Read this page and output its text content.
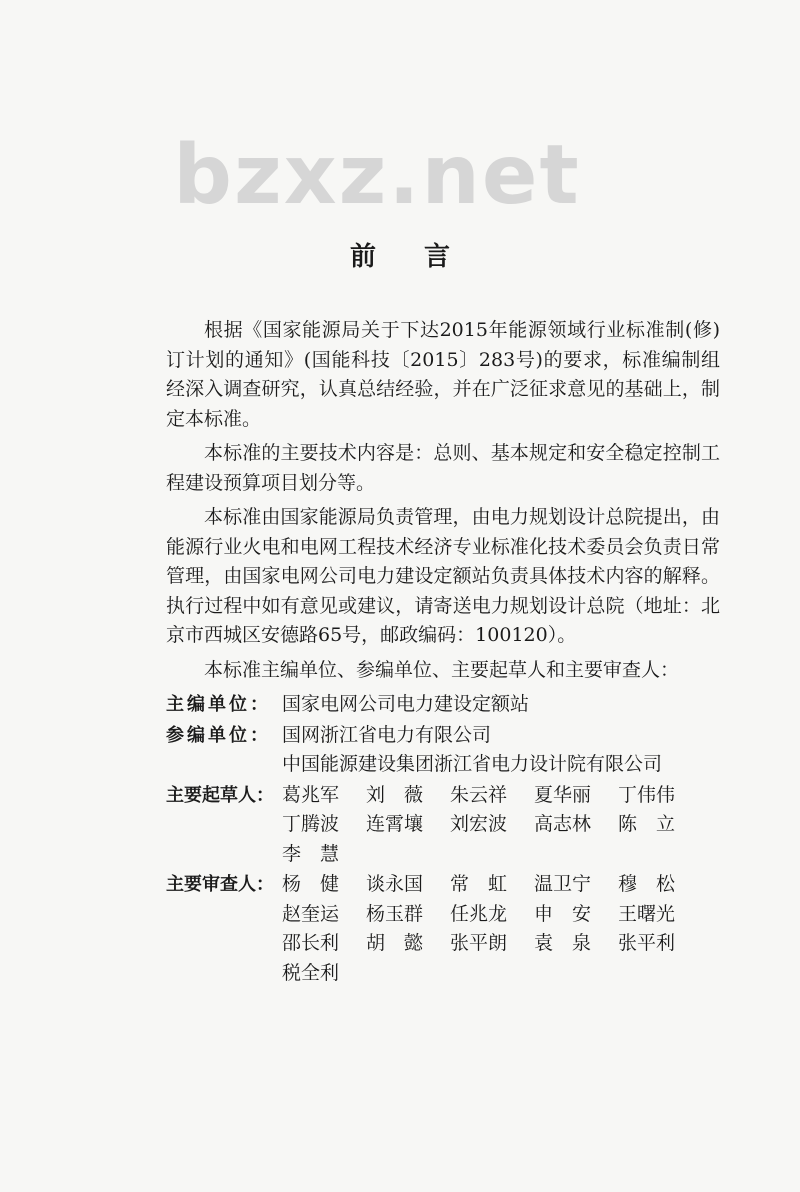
bzxz.net
前言

根据《国家能源局关于下达2015年能源领域行业标准制(修)订计划的通知》(国能科技〔2015〕283号)的要求，标准编制组经深入调查研究，认真总结经验，并在广泛征求意见的基础上，制定本标准。

本标准的主要技术内容是：总则、基本规定和安全稳定控制工程建设预算项目划分等。

本标准由国家能源局负责管理，由电力规划设计总院提出，由能源行业火电和电网工程技术经济专业标准化技术委员会负责日常管理，由国家电网公司电力建设定额站负责具体技术内容的解释。执行过程中如有意见或建议，请寄送电力规划设计总院（地址：北京市西城区安德路65号，邮政编码：100120）。

本标准主编单位、参编单位、主要起草人和主要审查人：

主编单位： 国家电网公司电力建设定额站
参编单位： 国网浙江省电力有限公司
中国能源建设集团浙江省电力设计院有限公司
主要起草人： 葛兆军	刘　薇	朱云祥	夏华丽	丁伟伟
丁腾波	连霄壤	刘宏波	高志林	陈　立
李　慧
主要审查人： 杨　健	谈永国	常　虹	温卫宁	穆　松
赵奎运	杨玉群	任兆龙	申　安	王曙光
邵长利	胡　懿	张平朗	袁　泉	张平利
税全利
